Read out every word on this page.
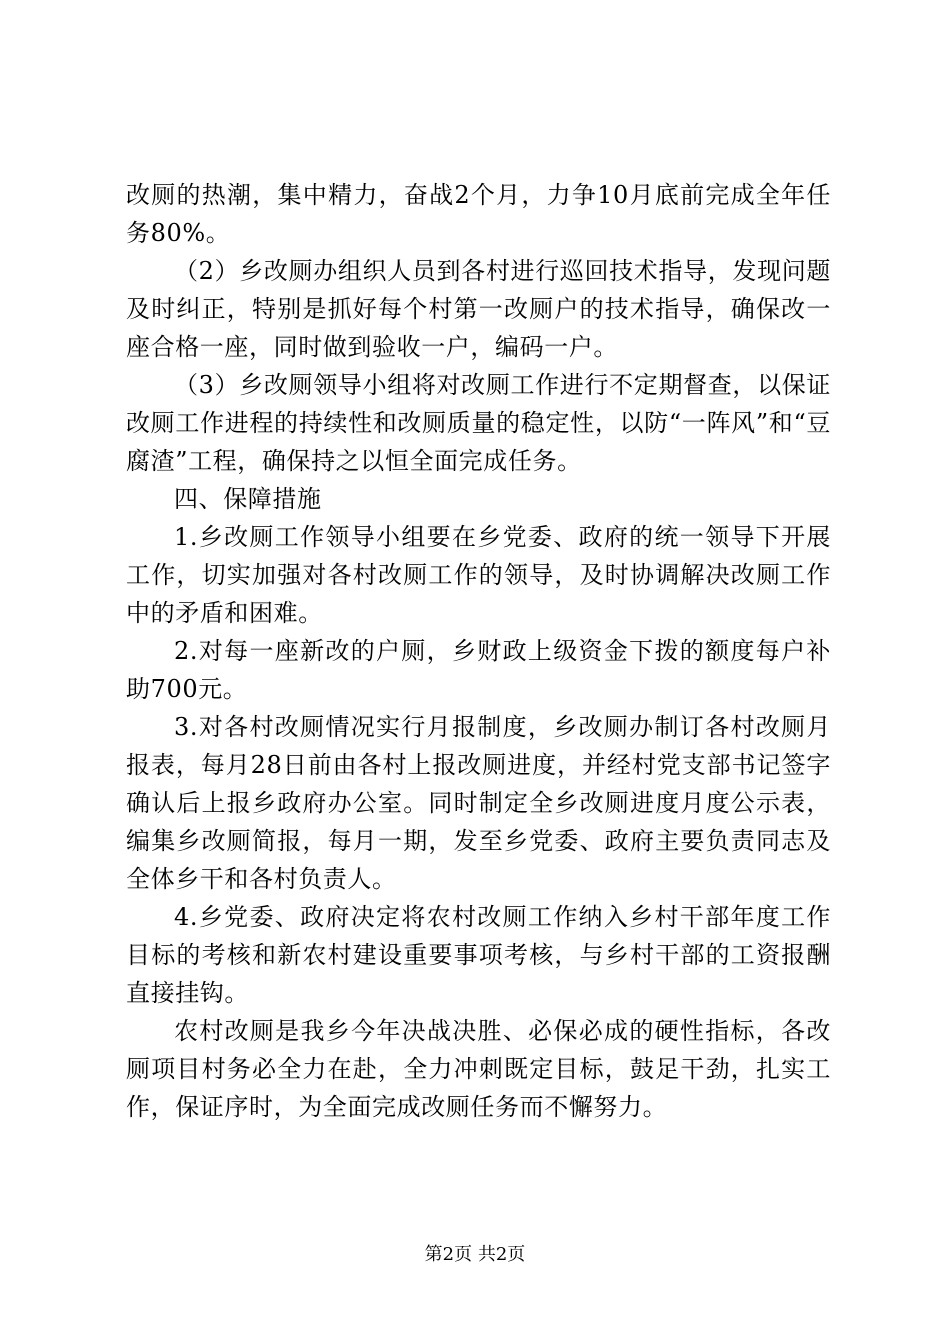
改厕的热潮，集中精力，奋战2个月，力争10月底前完成全年任务80%。

（2）乡改厕办组织人员到各村进行巡回技术指导，发现问题及时纠正，特别是抓好每个村第一改厕户的技术指导，确保改一座合格一座，同时做到验收一户，编码一户。

（3）乡改厕领导小组将对改厕工作进行不定期督查，以保证改厕工作进程的持续性和改厕质量的稳定性，以防“一阵风”和“豆腐渣”工程，确保持之以恒全面完成任务。

四、保障措施

1.乡改厕工作领导小组要在乡党委、政府的统一领导下开展工作，切实加强对各村改厕工作的领导，及时协调解决改厕工作中的矛盾和困难。

2.对每一座新改的户厕，乡财政上级资金下拨的额度每户补助700元。

3.对各村改厕情况实行月报制度，乡改厕办制订各村改厕月报表，每月28日前由各村上报改厕进度，并经村党支部书记签字确认后上报乡政府办公室。同时制定全乡改厕进度月度公示表，编集乡改厕简报，每月一期，发至乡党委、政府主要负责同志及全体乡干和各村负责人。

4.乡党委、政府决定将农村改厕工作纳入乡村干部年度工作目标的考核和新农村建设重要事项考核，与乡村干部的工资报酬直接挂钩。

农村改厕是我乡今年决战决胜、必保必成的硬性指标，各改厕项目村务必全力在赴，全力冲刺既定目标，鼓足干劲，扎实工作，保证序时，为全面完成改厕任务而不懈努力。

第2页 共2页
